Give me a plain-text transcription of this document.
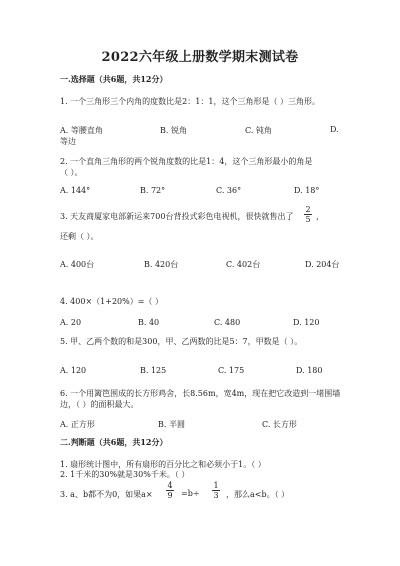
2022六年级上册数学期末测试卷
一.选择题（共6题，共12分）
1. 一个三角形三个内角的度数比是2：1：1，这个三角形是（ ）三角形。
A. 等腰直角	B. 锐角	C. 钝角	D.
等边
2. 一个直角三角形的两个锐角度数的比是1：4，这个三角形最小的角是
（ ）。
A. 144°	B. 72°	C. 36°	D. 18°
3. 天友商厦家电部新运来700台背投式彩色电视机，很快就售出了
2
5 ，
还剩（ ）。
A. 400台	B. 420台	C. 402台	D. 204台
4. 400×（1+20%）=（ ）
A. 20	B. 40	C. 480	D. 120
5. 甲、乙两个数的和是300，甲、乙两数的比是5：7，甲数是（ ）。
A. 120	B. 125	C. 175	D. 180
6. 一个用篱笆围成的长方形鸡舍，长8.56m，宽4m，现在把它改造到一堵围墙
边，（ ）的面积最大。
A. 正方形	B. 半圆	C. 长方形
二.判断题（共6题，共12分）
1. 扇形统计图中，所有扇形的百分比之和必须小于1。（ ）
2. 1千米的30%就是30%千米。（ ）
3. a、b都不为0，如果a×
4
9	=b÷
1
3 ，那么a<b。（ ）
